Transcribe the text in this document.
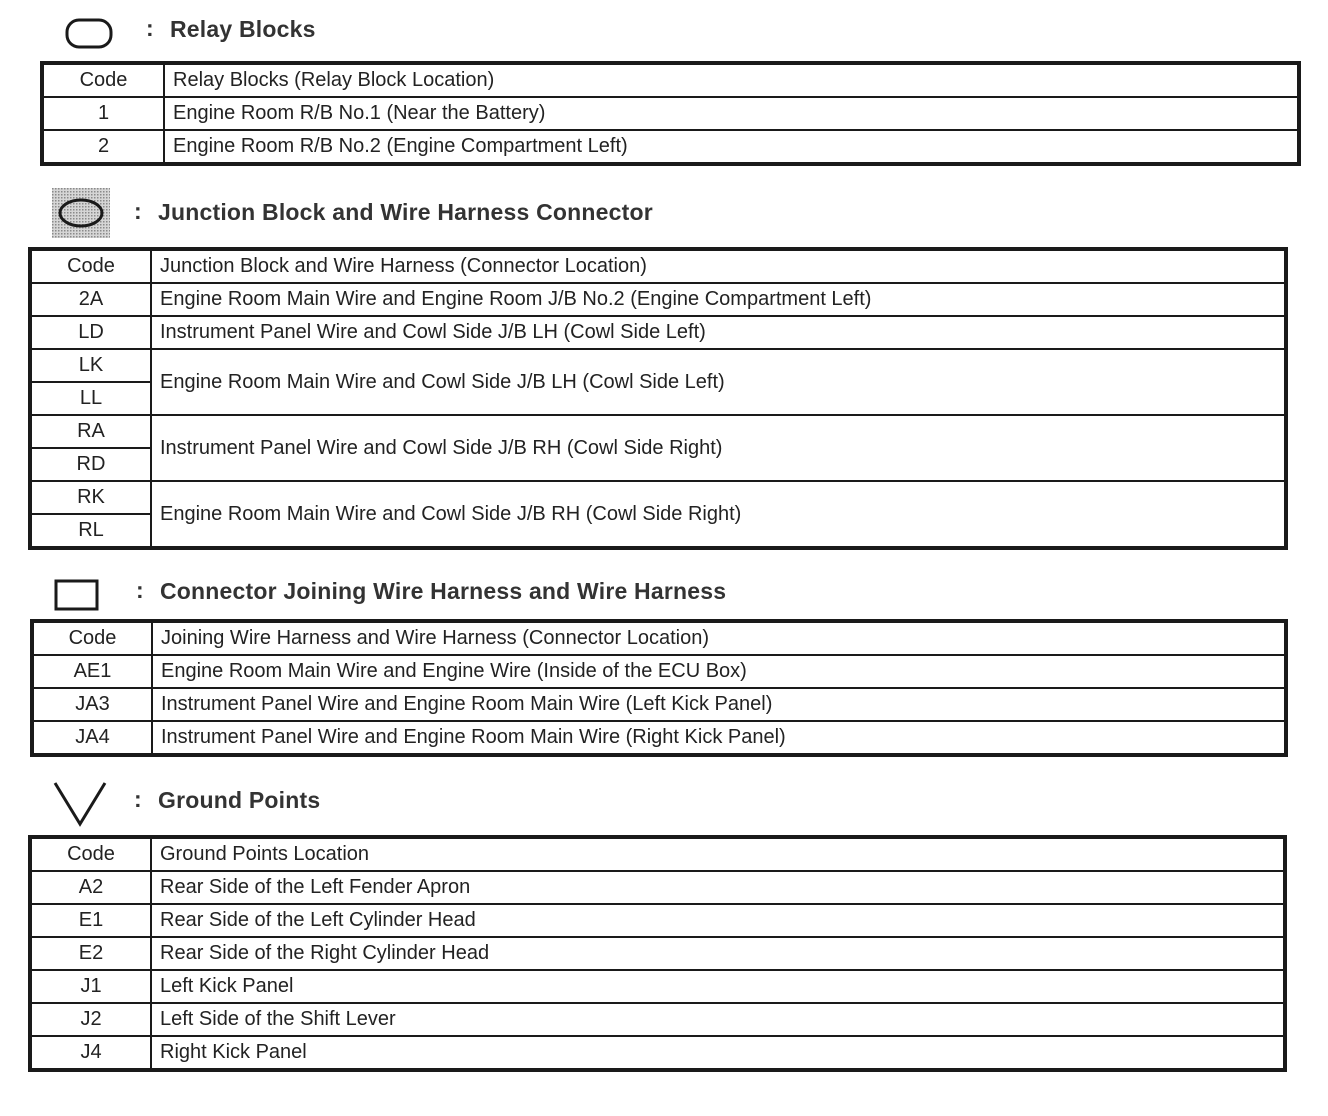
: Relay Blocks
Code	Relay Blocks (Relay Block Location)
1	Engine Room R/B No.1 (Near the Battery)
2	Engine Room R/B No.2 (Engine Compartment Left)
: Junction Block and Wire Harness Connector
Code	Junction Block and Wire Harness (Connector Location)
2A	Engine Room Main Wire and Engine Room J/B No.2 (Engine Compartment Left)
LD	Instrument Panel Wire and Cowl Side J/B LH (Cowl Side Left)
LK	Engine Room Main Wire and Cowl Side J/B LH (Cowl Side Left)
LL	
RA	Instrument Panel Wire and Cowl Side J/B RH (Cowl Side Right)
RD	
RK	Engine Room Main Wire and Cowl Side J/B RH (Cowl Side Right)
RL	
: Connector Joining Wire Harness and Wire Harness
Code	Joining Wire Harness and Wire Harness (Connector Location)
AE1	Engine Room Main Wire and Engine Wire (Inside of the ECU Box)
JA3	Instrument Panel Wire and Engine Room Main Wire (Left Kick Panel)
JA4	Instrument Panel Wire and Engine Room Main Wire (Right Kick Panel)
: Ground Points
Code	Ground Points Location
A2	Rear Side of the Left Fender Apron
E1	Rear Side of the Left Cylinder Head
E2	Rear Side of the Right Cylinder Head
J1	Left Kick Panel
J2	Left Side of the Shift Lever
J4	Right Kick Panel
